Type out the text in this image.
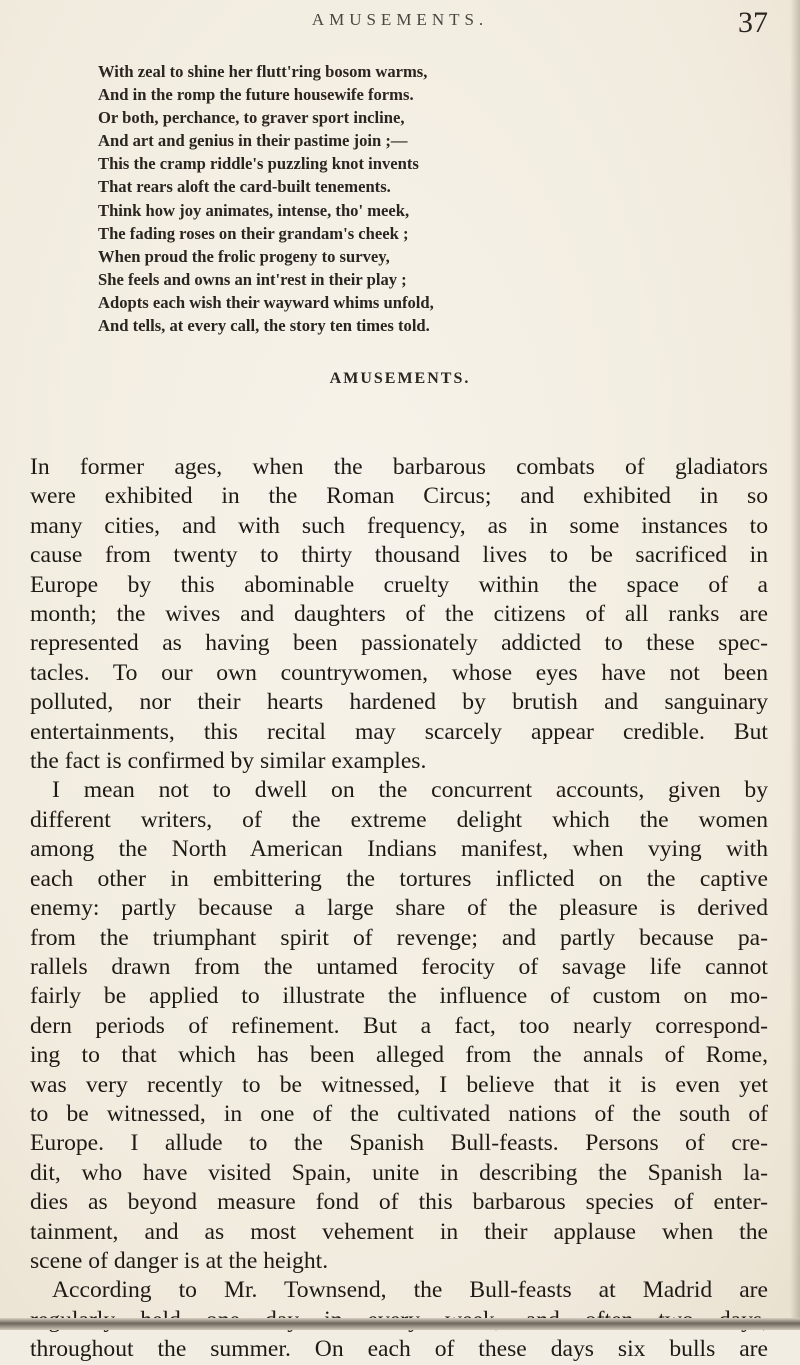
AMUSEMENTS.	37
With zeal to shine her flutt'ring bosom warms,
And in the romp the future housewife forms.
Or both, perchance, to graver sport incline,
And art and genius in their pastime join ;—
This the cramp riddle's puzzling knot invents
That rears aloft the card-built tenements.
Think how joy animates, intense, tho' meek,
The fading roses on their grandam's cheek ;
When proud the frolic progeny to survey,
She feels and owns an int'rest in their play ;
Adopts each wish their wayward whims unfold,
And tells, at every call, the story ten times told.
AMUSEMENTS.
In former ages, when the barbarous combats of gladiators
were exhibited in the Roman Circus; and exhibited in so
many cities, and with such frequency, as in some instances to
cause from twenty to thirty thousand lives to be sacrificed in
Europe by this abominable cruelty within the space of a
month; the wives and daughters of the citizens of all ranks are
represented as having been passionately addicted to these spec-
tacles. To our own countrywomen, whose eyes have not been
polluted, nor their hearts hardened by brutish and sanguinary
entertainments, this recital may scarcely appear credible. But
the fact is confirmed by similar examples.
I mean not to dwell on the concurrent accounts, given by
different writers, of the extreme delight which the women
among the North American Indians manifest, when vying with
each other in embittering the tortures inflicted on the captive
enemy: partly because a large share of the pleasure is derived
from the triumphant spirit of revenge; and partly because pa-
rallels drawn from the untamed ferocity of savage life cannot
fairly be applied to illustrate the influence of custom on mo-
dern periods of refinement. But a fact, too nearly correspond-
ing to that which has been alleged from the annals of Rome,
was very recently to be witnessed, I believe that it is even yet
to be witnessed, in one of the cultivated nations of the south of
Europe. I allude to the Spanish Bull-feasts. Persons of cre-
dit, who have visited Spain, unite in describing the Spanish la-
dies as beyond measure fond of this barbarous species of enter-
tainment, and as most vehement in their applause when the
scene of danger is at the height.
According to Mr. Townsend, the Bull-feasts at Madrid are
throughout the summer. On each of these days six bulls are
